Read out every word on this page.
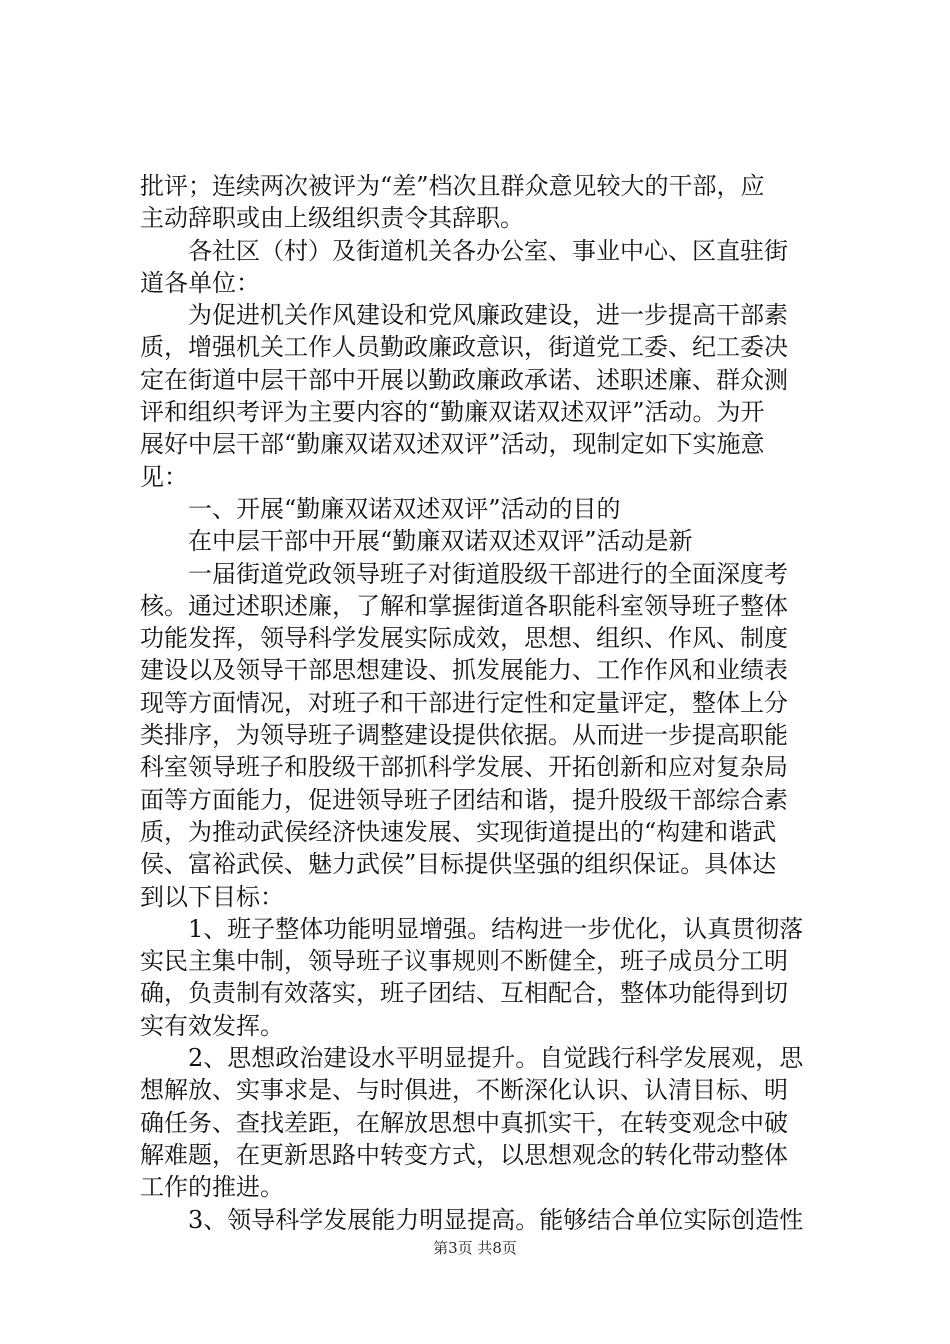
批评；连续两次被评为“差”档次且群众意见较大的干部，应
主动辞职或由上级组织责令其辞职。
各社区（村）及街道机关各办公室、事业中心、区直驻街
道各单位：
为促进机关作风建设和党风廉政建设，进一步提高干部素
质，增强机关工作人员勤政廉政意识，街道党工委、纪工委决
定在街道中层干部中开展以勤政廉政承诺、述职述廉、群众测
评和组织考评为主要内容的“勤廉双诺双述双评”活动。为开
展好中层干部“勤廉双诺双述双评”活动，现制定如下实施意
见：
一、开展“勤廉双诺双述双评”活动的目的
在中层干部中开展“勤廉双诺双述双评”活动是新
一届街道党政领导班子对街道股级干部进行的全面深度考
核。通过述职述廉，了解和掌握街道各职能科室领导班子整体
功能发挥，领导科学发展实际成效，思想、组织、作风、制度
建设以及领导干部思想建设、抓发展能力、工作作风和业绩表
现等方面情况，对班子和干部进行定性和定量评定，整体上分
类排序，为领导班子调整建设提供依据。从而进一步提高职能
科室领导班子和股级干部抓科学发展、开拓创新和应对复杂局
面等方面能力，促进领导班子团结和谐，提升股级干部综合素
质，为推动武侯经济快速发展、实现街道提出的“构建和谐武
侯、富裕武侯、魅力武侯”目标提供坚强的组织保证。具体达
到以下目标：
1、班子整体功能明显增强。结构进一步优化，认真贯彻落
实民主集中制，领导班子议事规则不断健全，班子成员分工明
确，负责制有效落实，班子团结、互相配合，整体功能得到切
实有效发挥。
2、思想政治建设水平明显提升。自觉践行科学发展观，思
想解放、实事求是、与时俱进，不断深化认识、认清目标、明
确任务、查找差距，在解放思想中真抓实干，在转变观念中破
解难题，在更新思路中转变方式，以思想观念的转化带动整体
工作的推进。
3、领导科学发展能力明显提高。能够结合单位实际创造性
第3页 共8页
